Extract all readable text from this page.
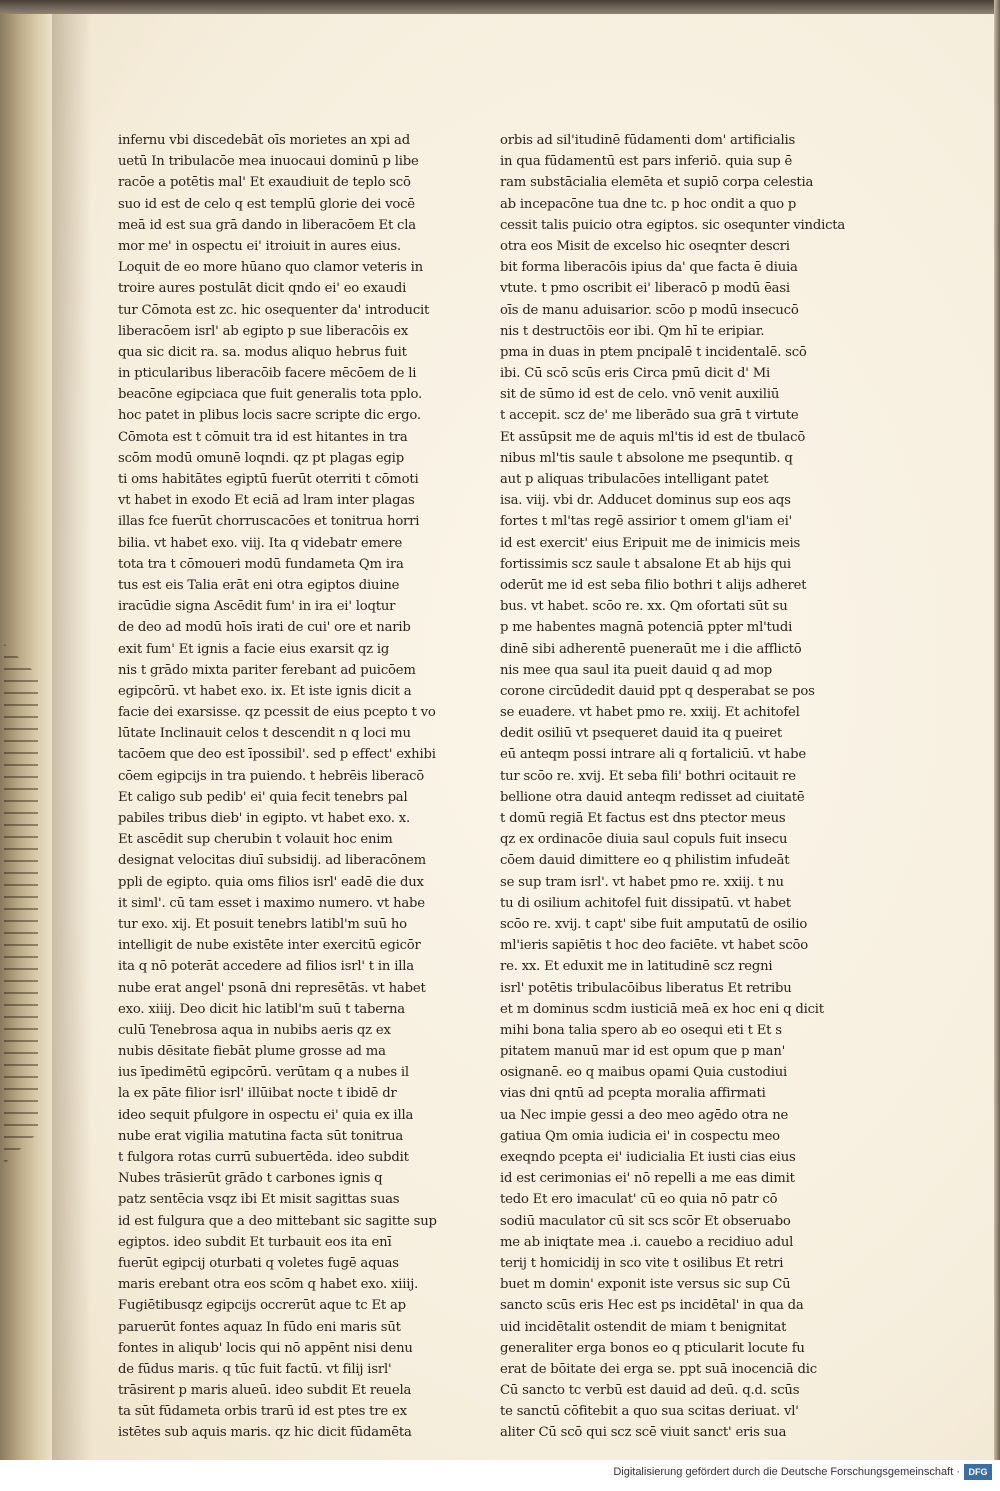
infernu vbi discedebāt oīs morietes an xpi ad
uetū In tribulacōe mea inuocaui dominū p libe
racōe a potētis mal' Et exaudiuit de teplo scō
suo id est de celo q est templū glorie dei vocē
meā id est sua grā dando in liberacōem Et cla
mor me' in ospectu ei' itroiuit in aures eius.
Loquit de eo more hūano quo clamor veteris in
troire aures postulāt dicit qndo ei' eo exaudi
tur Cōmota est zc. hic osequenter da' introducit
liberacōem isrl' ab egipto p sue liberacōis ex
qua sic dicit ra. sa. modus aliquo hebrus fuit
in pticularibus liberacōib facere mēcōem de li
beacōne egipciaca que fuit generalis tota pplo.
hoc patet in plibus locis sacre scripte dic ergo.
Cōmota est t cōmuit tra id est hitantes in tra
scōm modū omunē loqndi. qz pt plagas egip
ti oms habitātes egiptū fuerūt oterriti t cōmoti
vt habet in exodo Et eciā ad lram inter plagas
illas fce fuerūt chorruscacōes et tonitrua horri
bilia. vt habet exo. viij. Ita q videbatr emere
tota tra t cōmoueri modū fundameta Qm ira
tus est eis Talia erāt eni otra egiptos diuine
iracūdie signa Ascēdit fum' in ira ei' loqtur
de deo ad modū hoīs irati de cui' ore et narib
exit fum' Et ignis a facie eius exarsit qz ig
nis t grādo mixta pariter ferebant ad puicōem
egipcōrū. vt habet exo. ix. Et iste ignis dicit a
facie dei exarsisse. qz pcessit de eius pcepto t vo
lūtate Inclinauit celos t descendit n q loci mu
tacōem que deo est īpossibil'. sed p effect' exhibi
cōem egipcijs in tra puiendo. t hebrēis liberacō
Et caligo sub pedib' ei' quia fecit tenebrs pal
pabiles tribus dieb' in egipto. vt habet exo. x.
Et ascēdit sup cherubin t volauit hoc enim
designat velocitas diuī subsidij. ad liberacōnem
ppli de egipto. quia oms filios isrl' eadē die dux
it siml'. cū tam esset i maximo numero. vt habe
tur exo. xij. Et posuit tenebrs latibl'm suū ho
intelligit de nube existēte inter exercitū egicōr
ita q nō poterāt accedere ad filios isrl' t in illa
nube erat angel' psonā dni represētās. vt habet
exo. xiiij. Deo dicit hic latibl'm suū t taberna
culū Tenebrosa aqua in nubibs aeris qz ex
nubis dēsitate fiebāt plume grosse ad ma
ius īpedimētū egipcōrū. verūtam q a nubes il
la ex pāte filior isrl' illūibat nocte t ibidē dr
ideo sequit pfulgore in ospectu ei' quia ex illa
nube erat vigilia matutina facta sūt tonitrua
t fulgora rotas currū subuertēda. ideo subdit
Nubes trāsierūt grādo t carbones ignis q
patz sentēcia vsqz ibi Et misit sagittas suas
id est fulgura que a deo mittebant sic sagitte sup
egiptos. ideo subdit Et turbauit eos ita enī
fuerūt egipcij oturbati q voletes fugē aquas
maris erebant otra eos scōm q habet exo. xiiij.
Fugiētibusqz egipcijs occrerūt aque tc Et ap
paruerūt fontes aquaz In fūdo eni maris sūt
fontes in aliqub' locis qui nō appēnt nisi denu
de fūdus maris. q tūc fuit factū. vt filij isrl'
trāsirent p maris alueū. ideo subdit Et reuela
ta sūt fūdameta orbis trarū id est ptes tre ex
istētes sub aquis maris. qz hic dicit fūdamēta
orbis ad sil'itudinē fūdamenti dom' artificialis
in qua fūdamentū est pars inferiō. quia sup ē
ram substācialia elemēta et supiō corpa celestia
ab incepacōne tua dne tc. p hoc ondit a quo p
cessit talis puicio otra egiptos. sic osequnter vindicta
otra eos Misit de excelso hic oseqnter descri
bit forma liberacōis ipius da' que facta ē diuia
vtute. t pmo oscribit ei' liberacō p modū ēasi
oīs de manu aduisarior. scōo p modū insecucō
nis t destructōis eor ibi. Qm hī te eripiar.
pma in duas in ptem pncipalē t incidentalē. scō
ibi. Cū scō scūs eris Circa pmū dicit d' Mi
sit de sūmo id est de celo. vnō venit auxiliū
t accepit. scz de' me liberādo sua grā t virtute
Et assūpsit me de aquis ml'tis id est de tbulacō
nibus ml'tis saule t absolone me psequntib. q
aut p aliquas tribulacōes intelligant patet
isa. viij. vbi dr. Adducet dominus sup eos aqs
fortes t ml'tas regē assirior t omem gl'iam ei'
id est exercit' eius Eripuit me de inimicis meis
fortissimis scz saule t absalone Et ab hijs qui
oderūt me id est seba filio bothri t alijs adheret
bus. vt habet. scōo re. xx. Qm ofortati sūt su
p me habentes magnā potenciā ppter ml'tudi
dinē sibi adherentē pueneraūt me i die afflictō
nis mee qua saul ita pueit dauid q ad mop
corone circūdedit dauid ppt q desperabat se pos
se euadere. vt habet pmo re. xxiij. Et achitofel
dedit osiliū vt psequeret dauid ita q pueiret
eū anteqm possi intrare ali q fortaliciū. vt habe
tur scōo re. xvij. Et seba fili' bothri ocitauit re
bellione otra dauid anteqm redisset ad ciuitatē
t domū regiā Et factus est dns ptector meus
qz ex ordinacōe diuia saul copuls fuit insecu
cōem dauid dimittere eo q philistim infudeāt
se sup tram isrl'. vt habet pmo re. xxiij. t nu
tu di osilium achitofel fuit dissipatū. vt habet
scōo re. xvij. t capt' sibe fuit amputatū de osilio
ml'ieris sapiētis t hoc deo faciēte. vt habet scōo
re. xx. Et eduxit me in latitudinē scz regni
isrl' potētis tribulacōibus liberatus Et retribu
et m dominus scdm iusticiā meā ex hoc eni q dicit
mihi bona talia spero ab eo osequi eti t Et s
pitatem manuū mar id est opum que p man'
osignanē. eo q maibus opami Quia custodiui
vias dni qntū ad pcepta moralia affirmati
ua Nec impie gessi a deo meo agēdo otra ne
gatiua Qm omia iudicia ei' in cospectu meo
exeqndo pcepta ei' iudicialia Et iusti cias eius
id est cerimonias ei' nō repelli a me eas dimit
tedo Et ero imaculat' cū eo quia nō patr cō
sodiū maculator cū sit scs scōr Et obseruabo
me ab iniqtate mea .i. cauebo a recidiuo adul
terij t homicidij in sco vite t osilibus Et retri
buet m domin' exponit iste versus sic sup Cū
sancto scūs eris Hec est ps incidētal' in qua da
uid incidētalit ostendit de miam t benignitat
generaliter erga bonos eo q pticularit locute fu
erat de bōitate dei erga se. ppt suā inocenciā dic
Cū sancto tc verbū est dauid ad deū. q.d. scūs
te sanctū cōfitebit a quo sua scitas deriuat. vl'
aliter Cū scō qui scz scē viuit sanct' eris sua
Digitalisierung gefördert durch die Deutsche Forschungsgemeinschaft · DFG
